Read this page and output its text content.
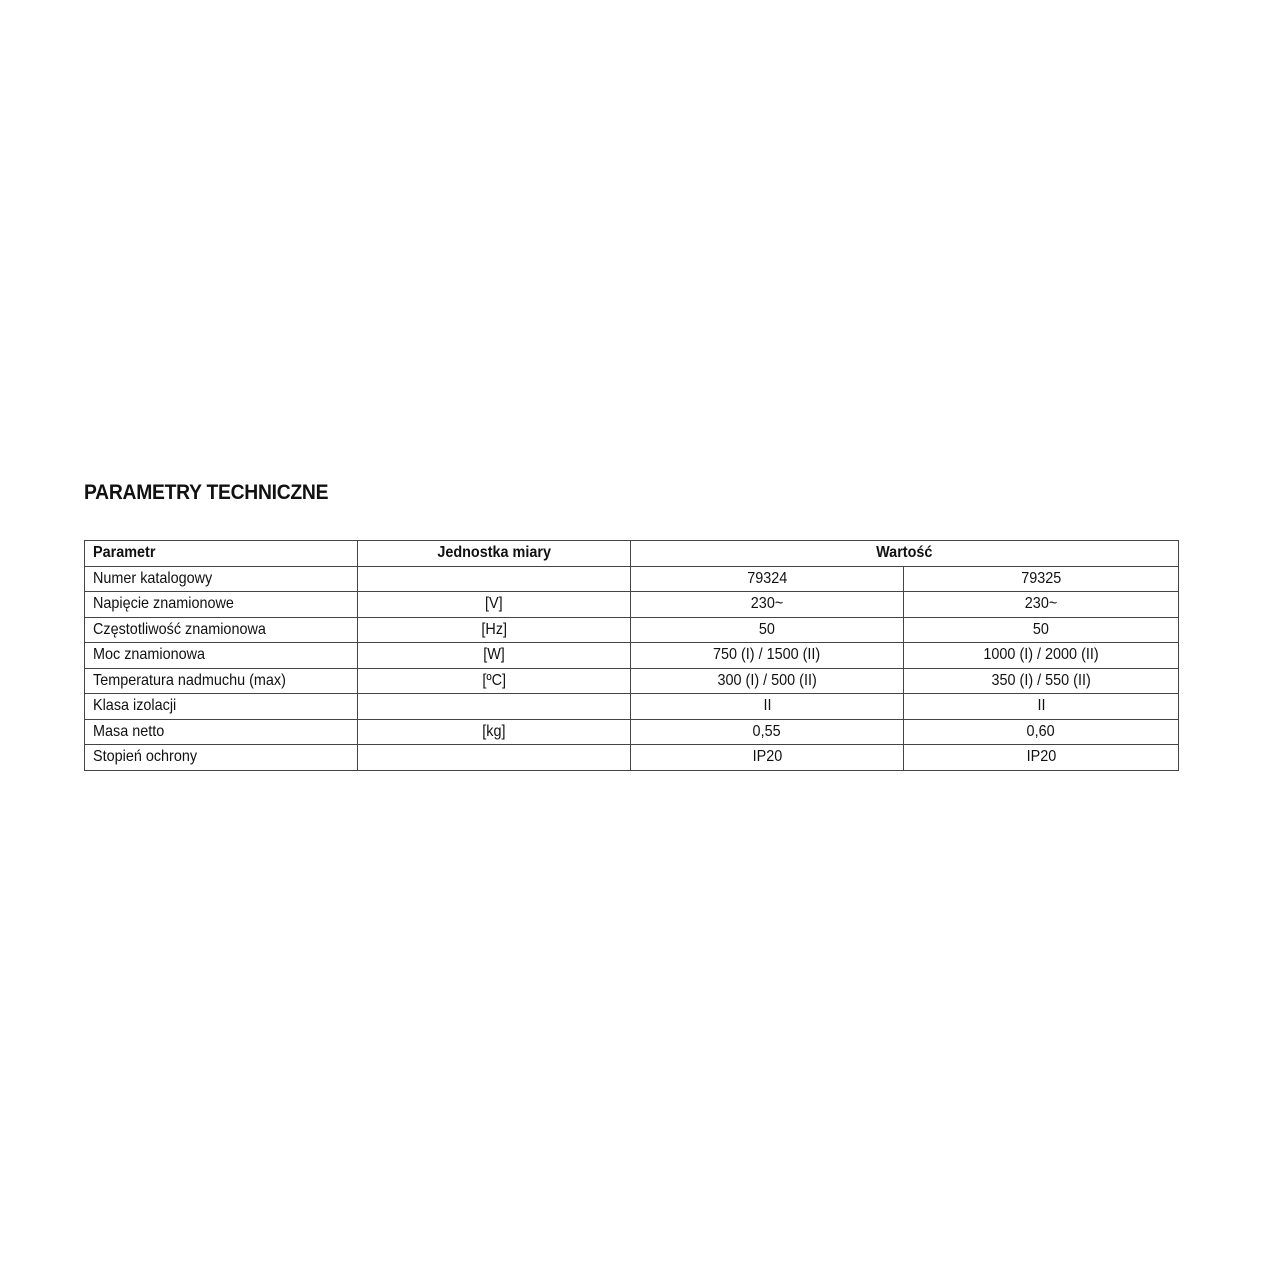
PARAMETRY TECHNICZNE
Parametr	Jednostka miary	Wartość	
Numer katalogowy		79324	79325
Napięcie znamionowe	[V]	230~	230~
Częstotliwość znamionowa	[Hz]	50	50
Moc znamionowa	[W]	750 (I) / 1500 (II)	1000 (I) / 2000 (II)
Temperatura nadmuchu (max)	[ºC]	300 (I) / 500 (II)	350 (I) / 550 (II)
Klasa izolacji		II	II
Masa netto	[kg]	0,55	0,60
Stopień ochrony		IP20	IP20
